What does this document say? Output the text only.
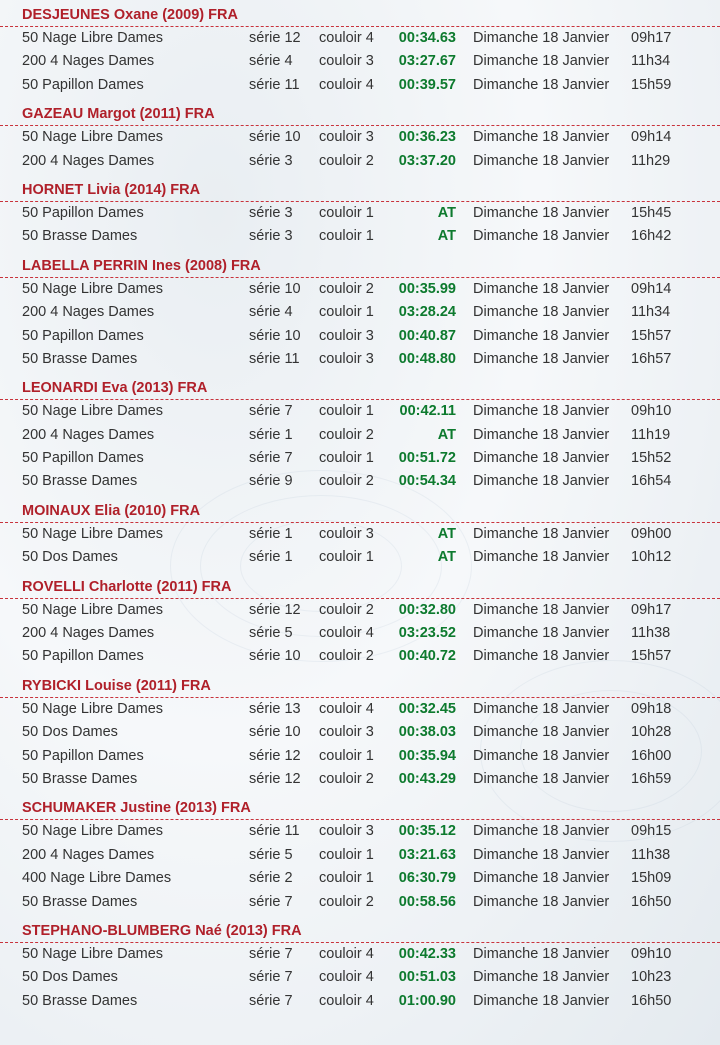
DESJEUNES Oxane (2009) FRA
50 Nage Libre Dames	série 12 couloir 4 00:34.63 Dimanche 18 Janvier 09h17
200 4 Nages Dames	série 4 couloir 3 03:27.67 Dimanche 18 Janvier 11h34
50 Papillon Dames	série 11 couloir 4 00:39.57 Dimanche 18 Janvier 15h59
GAZEAU Margot (2011) FRA
50 Nage Libre Dames	série 10 couloir 3 00:36.23 Dimanche 18 Janvier 09h14
200 4 Nages Dames	série 3 couloir 2 03:37.20 Dimanche 18 Janvier 11h29
HORNET Livia (2014) FRA
50 Papillon Dames	série 3 couloir 1	AT Dimanche 18 Janvier 15h45
50 Brasse Dames	série 3 couloir 1	AT Dimanche 18 Janvier 16h42
LABELLA PERRIN Ines (2008) FRA
50 Nage Libre Dames	série 10 couloir 2 00:35.99 Dimanche 18 Janvier 09h14
200 4 Nages Dames	série 4 couloir 1 03:28.24 Dimanche 18 Janvier 11h34
50 Papillon Dames	série 10 couloir 3 00:40.87 Dimanche 18 Janvier 15h57
50 Brasse Dames	série 11 couloir 3 00:48.80 Dimanche 18 Janvier 16h57
LEONARDI Eva (2013) FRA
50 Nage Libre Dames	série 7 couloir 1 00:42.11 Dimanche 18 Janvier 09h10
200 4 Nages Dames	série 1 couloir 2	AT Dimanche 18 Janvier 11h19
50 Papillon Dames	série 7 couloir 1 00:51.72 Dimanche 18 Janvier 15h52
50 Brasse Dames	série 9 couloir 2 00:54.34 Dimanche 18 Janvier 16h54
MOINAUX Elia (2010) FRA
50 Nage Libre Dames	série 1 couloir 3	AT Dimanche 18 Janvier 09h00
50 Dos Dames	série 1 couloir 1	AT Dimanche 18 Janvier 10h12
ROVELLI Charlotte (2011) FRA
50 Nage Libre Dames	série 12 couloir 2 00:32.80 Dimanche 18 Janvier 09h17
200 4 Nages Dames	série 5 couloir 4 03:23.52 Dimanche 18 Janvier 11h38
50 Papillon Dames	série 10 couloir 2 00:40.72 Dimanche 18 Janvier 15h57
RYBICKI Louise (2011) FRA
50 Nage Libre Dames	série 13 couloir 4 00:32.45 Dimanche 18 Janvier 09h18
50 Dos Dames	série 10 couloir 3 00:38.03 Dimanche 18 Janvier 10h28
50 Papillon Dames	série 12 couloir 1 00:35.94 Dimanche 18 Janvier 16h00
50 Brasse Dames	série 12 couloir 2 00:43.29 Dimanche 18 Janvier 16h59
SCHUMAKER Justine (2013) FRA
50 Nage Libre Dames	série 11 couloir 3 00:35.12 Dimanche 18 Janvier 09h15
200 4 Nages Dames	série 5 couloir 1 03:21.63 Dimanche 18 Janvier 11h38
400 Nage Libre Dames	série 2 couloir 1 06:30.79 Dimanche 18 Janvier 15h09
50 Brasse Dames	série 7 couloir 2 00:58.56 Dimanche 18 Janvier 16h50
STEPHANO-BLUMBERG Naé (2013) FRA
50 Nage Libre Dames	série 7 couloir 4 00:42.33 Dimanche 18 Janvier 09h10
50 Dos Dames	série 7 couloir 4 00:51.03 Dimanche 18 Janvier 10h23
50 Brasse Dames	série 7 couloir 4 01:00.90 Dimanche 18 Janvier 16h50
